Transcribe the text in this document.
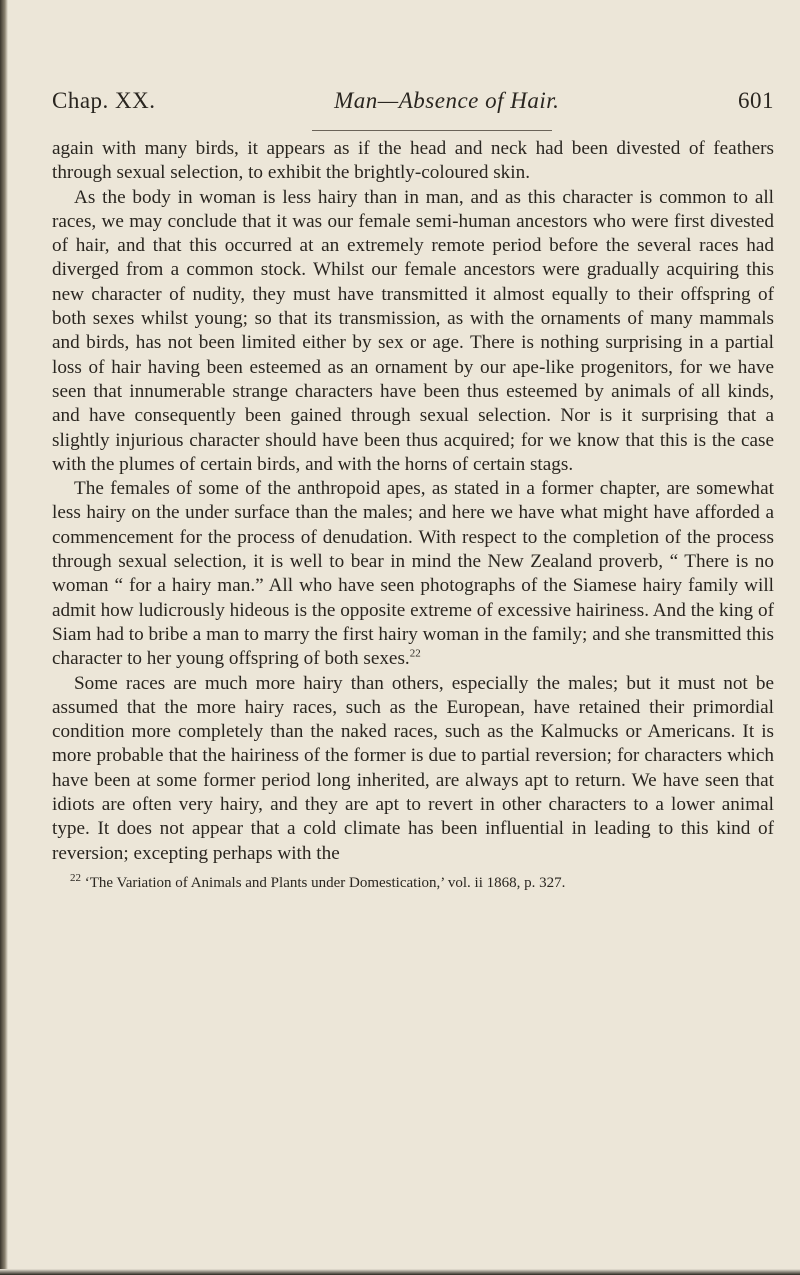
Chap. XX.	Man—Absence of Hair.	601

again with many birds, it appears as if the head and neck had been divested of feathers through sexual selection, to exhibit the brightly-coloured skin.

As the body in woman is less hairy than in man, and as this character is common to all races, we may conclude that it was our female semi-human ancestors who were first divested of hair, and that this occurred at an extremely remote period before the several races had diverged from a common stock. Whilst our female ancestors were gradually acquiring this new character of nudity, they must have transmitted it almost equally to their offspring of both sexes whilst young; so that its transmission, as with the ornaments of many mammals and birds, has not been limited either by sex or age. There is nothing surprising in a partial loss of hair having been esteemed as an ornament by our ape-like progenitors, for we have seen that innumerable strange characters have been thus esteemed by animals of all kinds, and have consequently been gained through sexual selection. Nor is it surprising that a slightly injurious character should have been thus acquired; for we know that this is the case with the plumes of certain birds, and with the horns of certain stags.

The females of some of the anthropoid apes, as stated in a former chapter, are somewhat less hairy on the under surface than the males; and here we have what might have afforded a commencement for the process of denudation. With respect to the completion of the process through sexual selection, it is well to bear in mind the New Zealand proverb, “ There is no woman “ for a hairy man.” All who have seen photographs of the Siamese hairy family will admit how ludicrously hideous is the opposite extreme of excessive hairiness. And the king of Siam had to bribe a man to marry the first hairy woman in the family; and she transmitted this character to her young offspring of both sexes.$^{22}$

Some races are much more hairy than others, especially the males; but it must not be assumed that the more hairy races, such as the European, have retained their primordial condition more completely than the naked races, such as the Kalmucks or Americans. It is more probable that the hairiness of the former is due to partial reversion; for characters which have been at some former period long inherited, are always apt to return. We have seen that idiots are often very hairy, and they are apt to revert in other characters to a lower animal type. It does not appear that a cold climate has been influential in leading to this kind of reversion; excepting perhaps with the

$^{22}$ ‘The Variation of Animals and Plants under Domestication,’ vol. ii 1868, p. 327.
